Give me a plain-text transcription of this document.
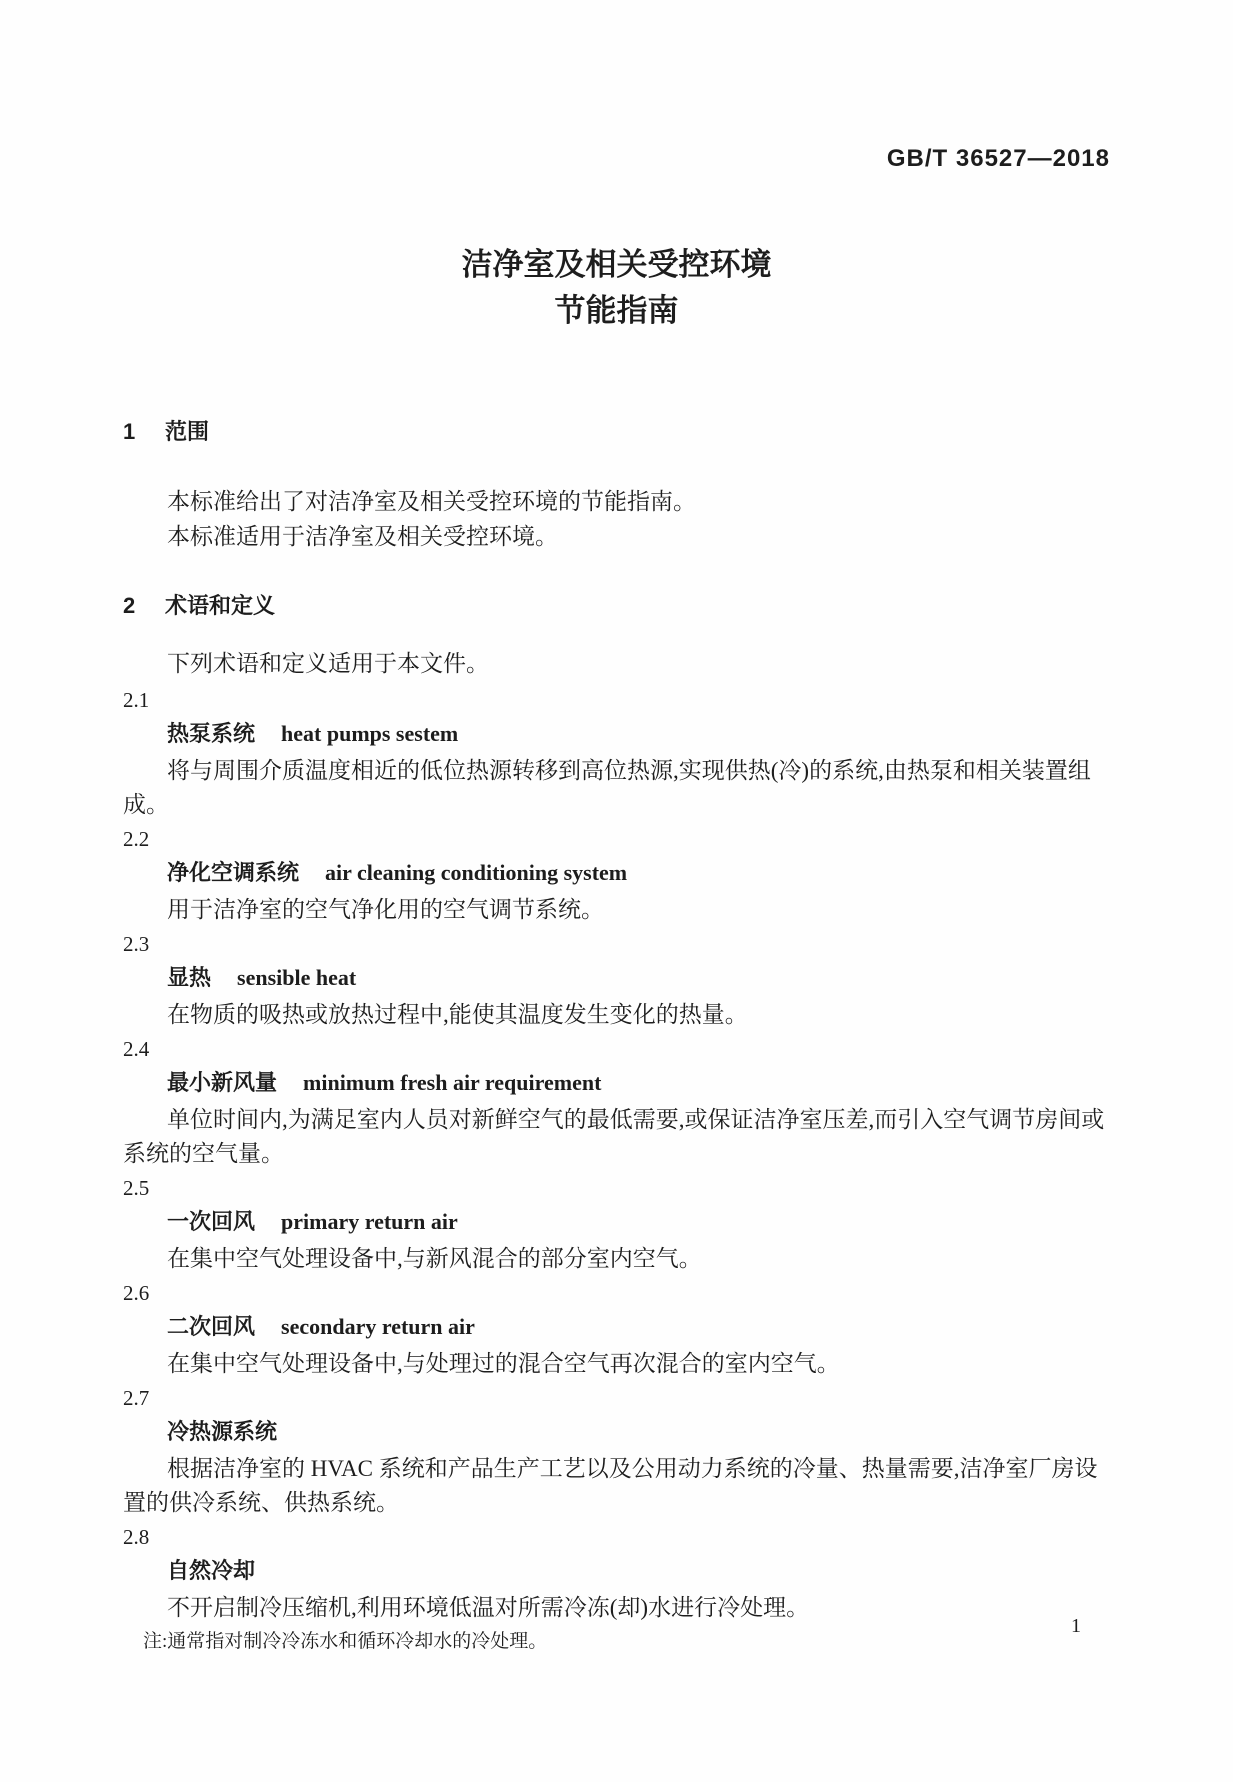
GB/T 36527—2018
洁净室及相关受控环境
节能指南
1 范围

本标准给出了对洁净室及相关受控环境的节能指南。

本标准适用于洁净室及相关受控环境。

2 术语和定义

下列术语和定义适用于本文件。

2.1
热泵系统 heat pumps sestem

将与周围介质温度相近的低位热源转移到高位热源,实现供热(冷)的系统,由热泵和相关装置组成。

2.2
净化空调系统 air cleaning conditioning system

用于洁净室的空气净化用的空气调节系统。

2.3
显热 sensible heat

在物质的吸热或放热过程中,能使其温度发生变化的热量。

2.4
最小新风量 minimum fresh air requirement

单位时间内,为满足室内人员对新鲜空气的最低需要,或保证洁净室压差,而引入空气调节房间或系统的空气量。

2.5
一次回风 primary return air

在集中空气处理设备中,与新风混合的部分室内空气。

2.6
二次回风 secondary return air

在集中空气处理设备中,与处理过的混合空气再次混合的室内空气。

2.7
冷热源系统

根据洁净室的 HVAC 系统和产品生产工艺以及公用动力系统的冷量、热量需要,洁净室厂房设置的供冷系统、供热系统。

2.8
自然冷却

不开启制冷压缩机,利用环境低温对所需冷冻(却)水进行冷处理。

注:通常指对制冷冷冻水和循环冷却水的冷处理。
1
